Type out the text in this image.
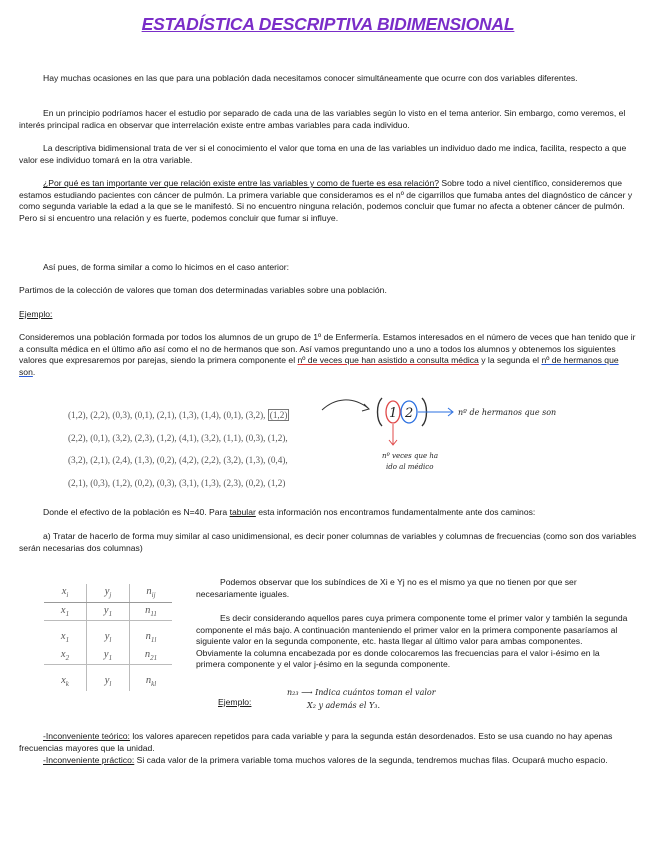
ESTADÍSTICA DESCRIPTIVA BIDIMENSIONAL

Hay muchas ocasiones en las que para una población dada necesitamos conocer simultáneamente que ocurre con dos variables diferentes.

En un principio podríamos hacer el estudio por separado de cada una de las variables según lo visto en el tema anterior. Sin embargo, como veremos, el interés principal radica en observar que interrelación existe entre ambas variables para cada individuo.

La descriptiva bidimensional trata de ver si el conocimiento el valor que toma en una de las variables un individuo dado me indica, facilita, respecto a que valor ese individuo tomará en la otra variable.

¿Por qué es tan importante ver que relación existe entre las variables y como de fuerte es esa relación? Sobre todo a nivel científico, consideremos que estamos estudiando pacientes con cáncer de pulmón. La primera variable que consideramos es el nº de cigarrillos que fumaba antes del diagnóstico de cáncer y como segunda variable la edad a la que se le manifestó. Si no encuentro ninguna relación, podemos concluir que fumar no afecta a obtener cáncer de pulmón. Pero si si encuentro una relación y es fuerte, podemos concluir que fumar si influye.

Así pues, de forma similar a como lo hicimos en el caso anterior:

Partimos de la colección de valores que toman dos determinadas variables sobre una población.

Ejemplo:

Consideremos una población formada por todos los alumnos de un grupo de 1º de Enfermería. Estamos interesados en el número de veces que han tenido que ir a consulta médica en el último año así como el no de hermanos que son. Así vamos preguntando uno a uno a todos los alumnos y obtenemos los siguientes valores que expresaremos por parejas, siendo la primera componente el nº de veces que han asistido a consulta médica y la segunda el nº de hermanos que son.

(1,2), (2,2), (0,3), (0,1), (2,1), (1,3), (1,4), (0,1), (3,2), (1,2)
(2,2), (0,1), (3,2), (2,3), (1,2), (4,1), (3,2), (1,1), (0,3), (1,2),
(3,2), (2,1), (2,4), (1,3), (0,2), (4,2), (2,2), (3,2), (1,3), (0,4),
(2,1), (0,3), (1,2), (0,2), (0,3), (3,1), (1,3), (2,3), (0,2), (1,2)
1 2	nº de hermanos que son
nº veces que ha
ido al médico

Donde el efectivo de la población es N=40. Para tabular esta información nos encontramos fundamentalmente ante dos caminos:

a) Tratar de hacerlo de forma muy similar al caso unidimensional, es decir poner columnas de variables y columnas de frecuencias (como son dos variables serán necesarias dos columnas)

$x_i$	$y_j$	$n_{ij}$
$x_1$	$y_1$	$n_{11}$

$x_1$	$y_l$	$n_{1l}$
$x_2$	$y_1$	$n_{21}$

$x_k$	$y_l$	$n_{kl}$

Podemos observar que los subíndices de Xi e Yj no es el mismo ya que no tienen por que ser necesariamente iguales.

Es decir considerando aquellos pares cuya primera componente tome el primer valor y también la segunda componente el más bajo. A continuación manteniendo el primer valor en la primera componente pasaríamos al siguiente valor en la segunda componente, etc. hasta llegar al último valor para ambas componentes. Obviamente la columna encabezada por es donde colocaremos las frecuencias para el valor i-ésimo en la primera componente y el valor j-ésimo en la segunda componente.

Ejemplo:

n₂₃ ⟶ Indica cuántos toman el valor
X₂ y además el Y₃.

-Inconveniente teórico: los valores aparecen repetidos para cada variable y para la segunda están desordenados. Esto se usa cuando no hay apenas frecuencias mayores que la unidad.

-Inconveniente práctico: Si cada valor de la primera variable toma muchos valores de la segunda, tendremos muchas filas. Ocupará mucho espacio.
